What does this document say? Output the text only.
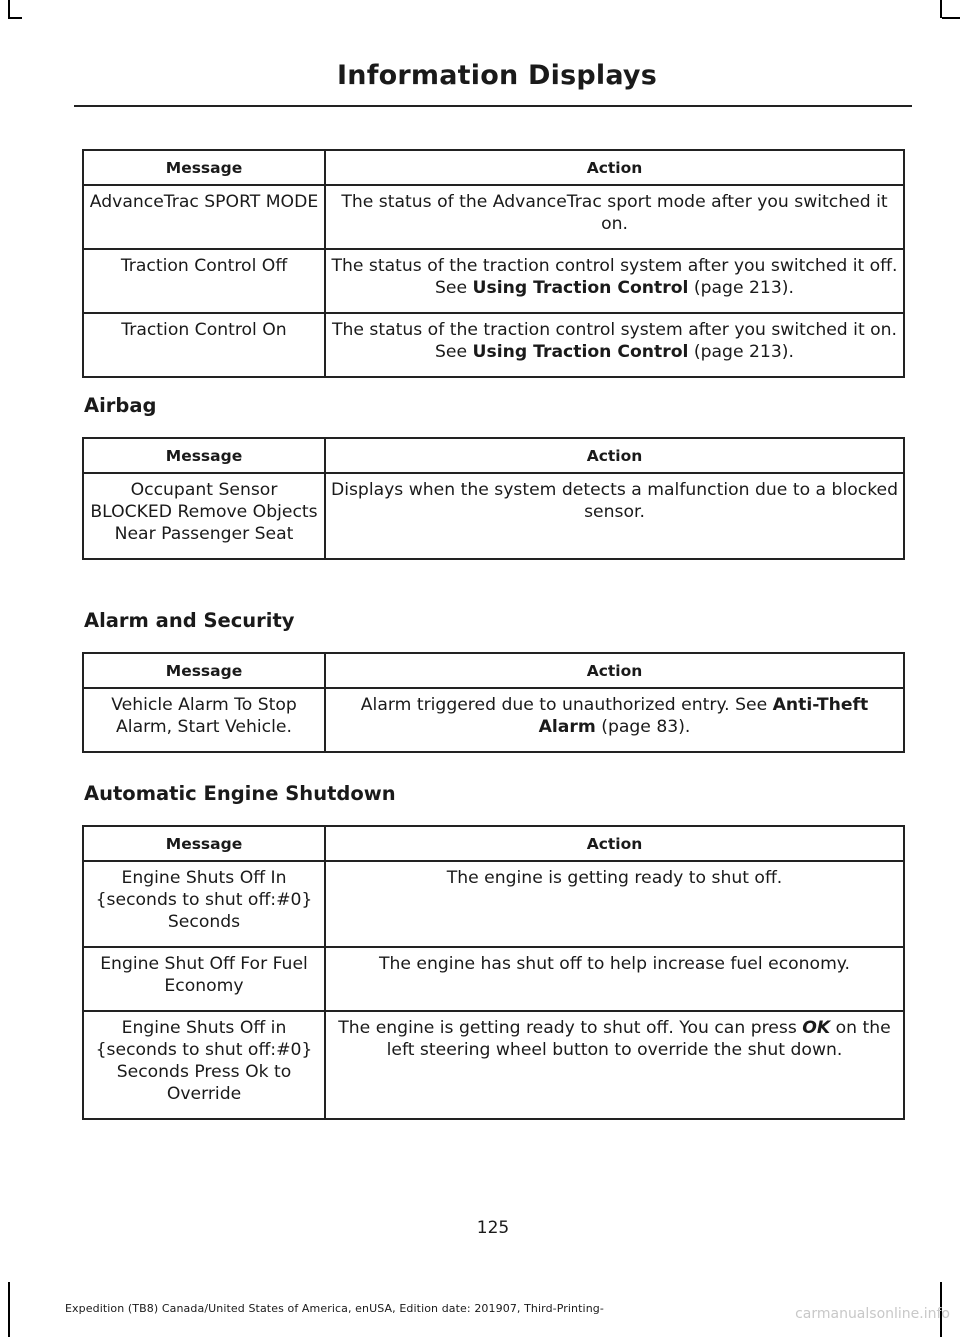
Information Displays
Message	Action
AdvanceTrac SPORT MODE	The status of the AdvanceTrac sport mode after you switched it on.
Traction Control Off	The status of the traction control system after you switched it off. See Using Traction Control (page 213).
Traction Control On	The status of the traction control system after you switched it on. See Using Traction Control (page 213).
Airbag
Message	Action
Occupant Sensor BLOCKED Remove Objects Near Passenger Seat	Displays when the system detects a malfunction due to a blocked sensor.
Alarm and Security
Message	Action
Vehicle Alarm To Stop Alarm, Start Vehicle.	Alarm triggered due to unauthorized entry. See Anti-Theft Alarm (page 83).
Automatic Engine Shutdown
Message	Action
Engine Shuts Off In {seconds to shut off:#0} Seconds	The engine is getting ready to shut off.
Engine Shut Off For Fuel Economy	The engine has shut off to help increase fuel economy.
Engine Shuts Off in {seconds to shut off:#0} Seconds Press Ok to Override	The engine is getting ready to shut off. You can press OK on the left steering wheel button to override the shut down.
125
Expedition (TB8) Canada/United States of America, enUSA, Edition date: 201907, Third-Printing-	carmanualsonline.info
